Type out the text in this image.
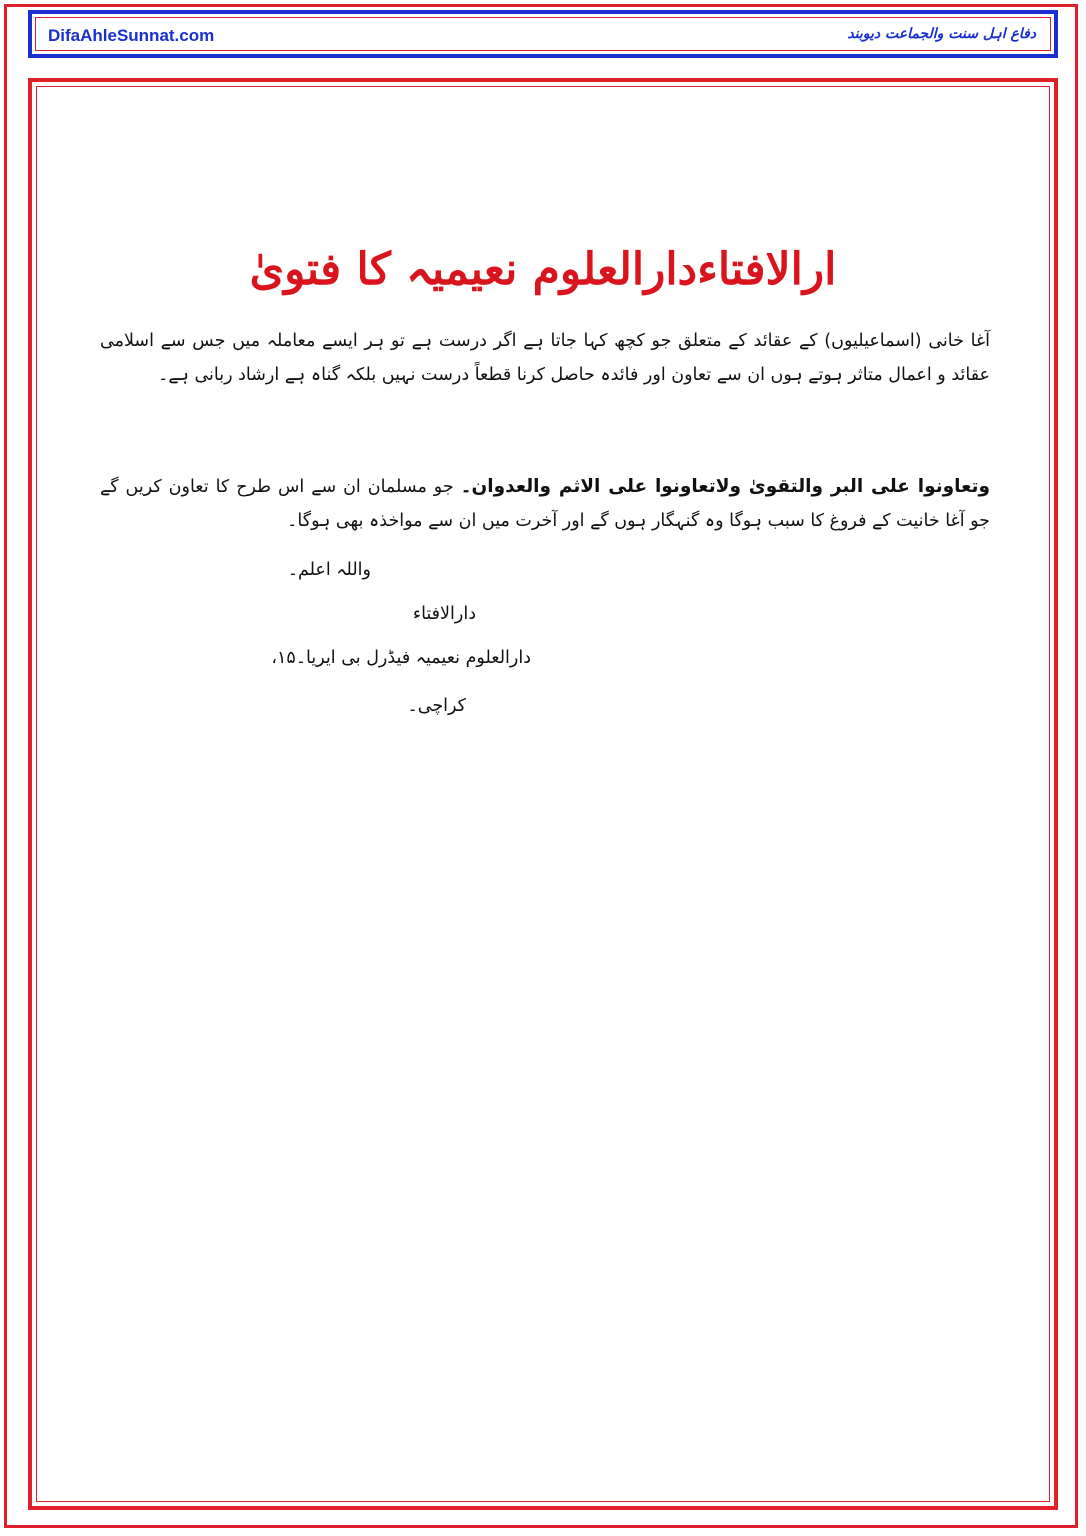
DifaAhleSunnat.com	دفاع اہل سنت والجماعت دیوبند
ارالافتاءدارالعلوم نعیمیہ کا فتویٰ

آغا خانی (اسماعیلیوں) کے عقائد کے متعلق جو کچھ کہا جاتا ہے اگر درست ہے تو ہر ایسے معاملہ میں جس سے اسلامی عقائد و اعمال متاثر ہوتے ہوں ان سے تعاون اور فائدہ حاصل کرنا قطعاً درست نہیں بلکہ گناہ ہے ارشاد ربانی ہے۔

وتعاونوا علی البر والتقویٰ ولاتعاونوا علی الاثم والعدوان۔ جو مسلمان ان سے اس طرح کا تعاون کریں گے جو آغا خانیت کے فروغ کا سبب ہوگا وہ گنہگار ہوں گے اور آخرت میں ان سے مواخذہ بھی ہوگا۔

واللہ اعلم۔
دارالافتاء
دارالعلوم نعیمیہ فیڈرل بی ایریا۔۱۵،
کراچی۔
